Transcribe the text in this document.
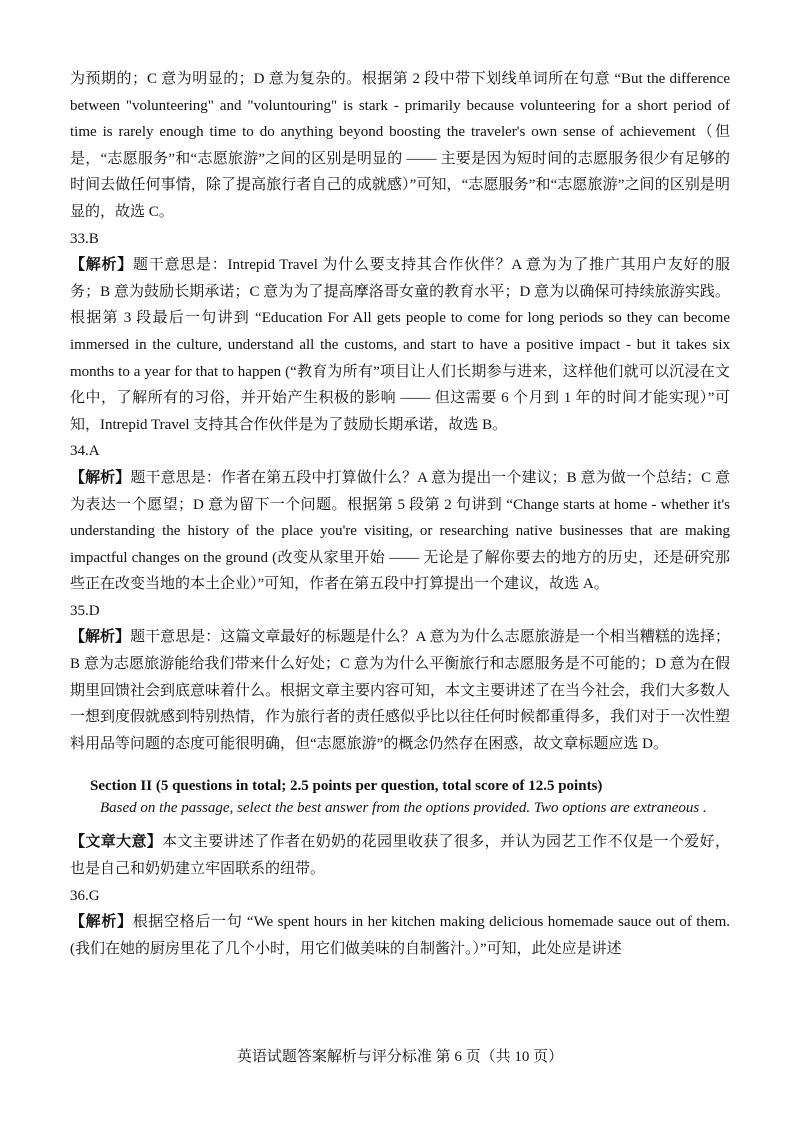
为预期的；C 意为明显的；D 意为复杂的。根据第 2 段中带下划线单词所在句意 “But the difference between "volunteering" and "voluntouring" is stark - primarily because volunteering for a short period of time is rarely enough time to do anything beyond boosting the traveler's own sense of achievement（但是，“志愿服务”和“志愿旅游”之间的区别是明显的 —— 主要是因为短时间的志愿服务很少有足够的时间去做任何事情，除了提高旅行者自己的成就感）”可知，“志愿服务”和“志愿旅游”之间的区别是明显的，故选 C。

33.B

【解析】题干意思是：Intrepid Travel 为什么要支持其合作伙伴？A 意为为了推广其用户友好的服务；B 意为鼓励长期承诺；C 意为为了提高摩洛哥女童的教育水平；D 意为以确保可持续旅游实践。根据第 3 段最后一句讲到 “Education For All gets people to come for long periods so they can become immersed in the culture, understand all the customs, and start to have a positive impact - but it takes six months to a year for that to happen (“教育为所有”项目让人们长期参与进来，这样他们就可以沉浸在文化中，了解所有的习俗，并开始产生积极的影响 —— 但这需要 6 个月到 1 年的时间才能实现）”可知，Intrepid Travel 支持其合作伙伴是为了鼓励长期承诺，故选 B。

34.A

【解析】题干意思是：作者在第五段中打算做什么？A 意为提出一个建议；B 意为做一个总结；C 意为表达一个愿望；D 意为留下一个问题。根据第 5 段第 2 句讲到 “Change starts at home - whether it's understanding the history of the place you're visiting, or researching native businesses that are making impactful changes on the ground (改变从家里开始 —— 无论是了解你要去的地方的历史，还是研究那些正在改变当地的本土企业）”可知，作者在第五段中打算提出一个建议，故选 A。

35.D

【解析】题干意思是：这篇文章最好的标题是什么？A 意为为什么志愿旅游是一个相当糟糕的选择；B 意为志愿旅游能给我们带来什么好处；C 意为为什么平衡旅行和志愿服务是不可能的；D 意为在假期里回馈社会到底意味着什么。根据文章主要内容可知，本文主要讲述了在当今社会，我们大多数人一想到度假就感到特别热情，作为旅行者的责任感似乎比以往任何时候都重得多，我们对于一次性塑料用品等问题的态度可能很明确，但“志愿旅游”的概念仍然存在困惑，故文章标题应选 D。

Section II (5 questions in total; 2.5 points per question, total score of 12.5 points)

Based on the passage, select the best answer from the options provided. Two options are extraneous .

【文章大意】本文主要讲述了作者在奶奶的花园里收获了很多，并认为园艺工作不仅是一个爱好，也是自己和奶奶建立牢固联系的纽带。

36.G

【解析】根据空格后一句 “We spent hours in her kitchen making delicious homemade sauce out of them. (我们在她的厨房里花了几个小时，用它们做美味的自制酱汁。）”可知，此处应是讲述

英语试题答案解析与评分标准 第 6 页（共 10 页）
